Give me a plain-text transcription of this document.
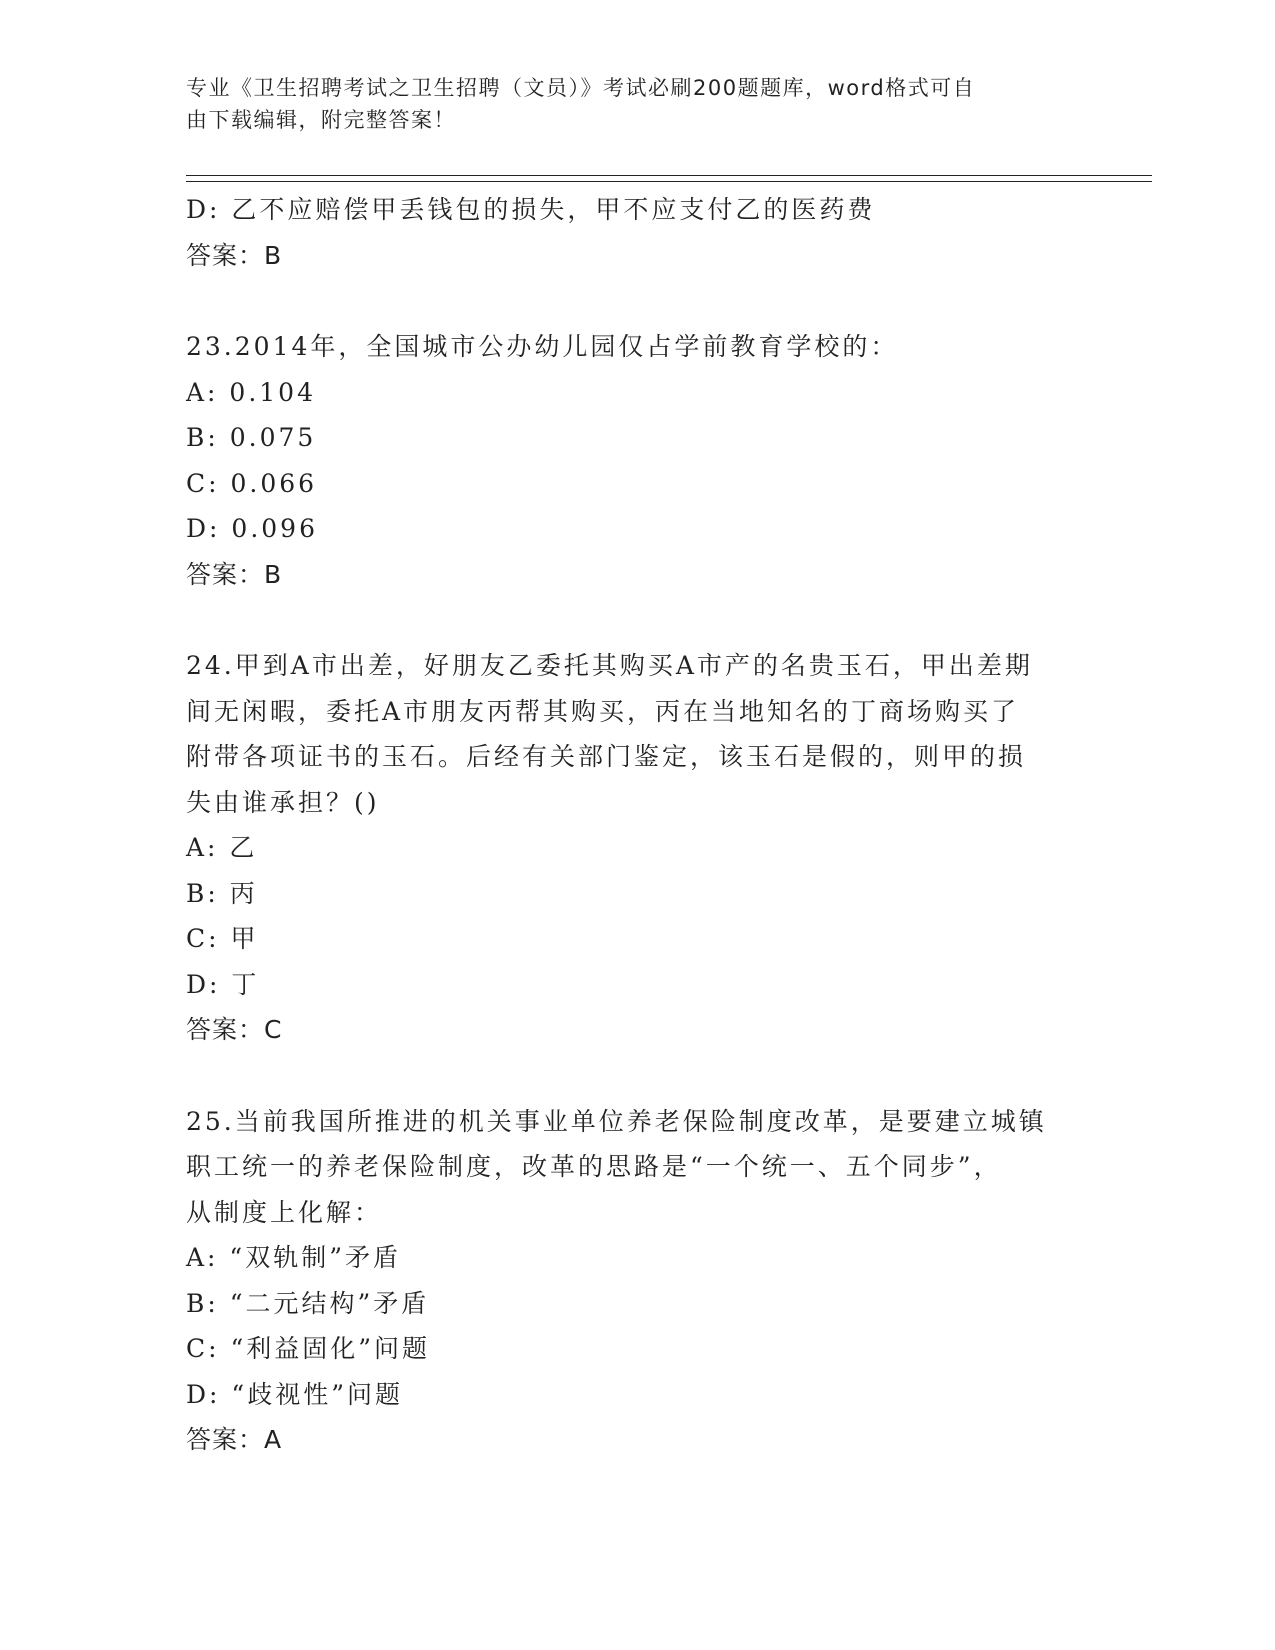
专业《卫生招聘考试之卫生招聘（文员）》考试必刷200题题库，word格式可自
由下载编辑，附完整答案！
D: 乙不应赔偿甲丢钱包的损失，甲不应支付乙的医药费
答案：B
23.2014年，全国城市公办幼儿园仅占学前教育学校的：
A: 0.104
B: 0.075
C: 0.066
D: 0.096
答案：B
24.甲到A市出差，好朋友乙委托其购买A市产的名贵玉石，甲出差期
间无闲暇，委托A市朋友丙帮其购买，丙在当地知名的丁商场购买了
附带各项证书的玉石。后经有关部门鉴定，该玉石是假的，则甲的损
失由谁承担？()
A: 乙
B: 丙
C: 甲
D: 丁
答案：C
25.当前我国所推进的机关事业单位养老保险制度改革，是要建立城镇
职工统一的养老保险制度，改革的思路是“一个统一、五个同步”，
从制度上化解：
A: “双轨制”矛盾
B: “二元结构”矛盾
C: “利益固化”问题
D: “歧视性”问题
答案：A
